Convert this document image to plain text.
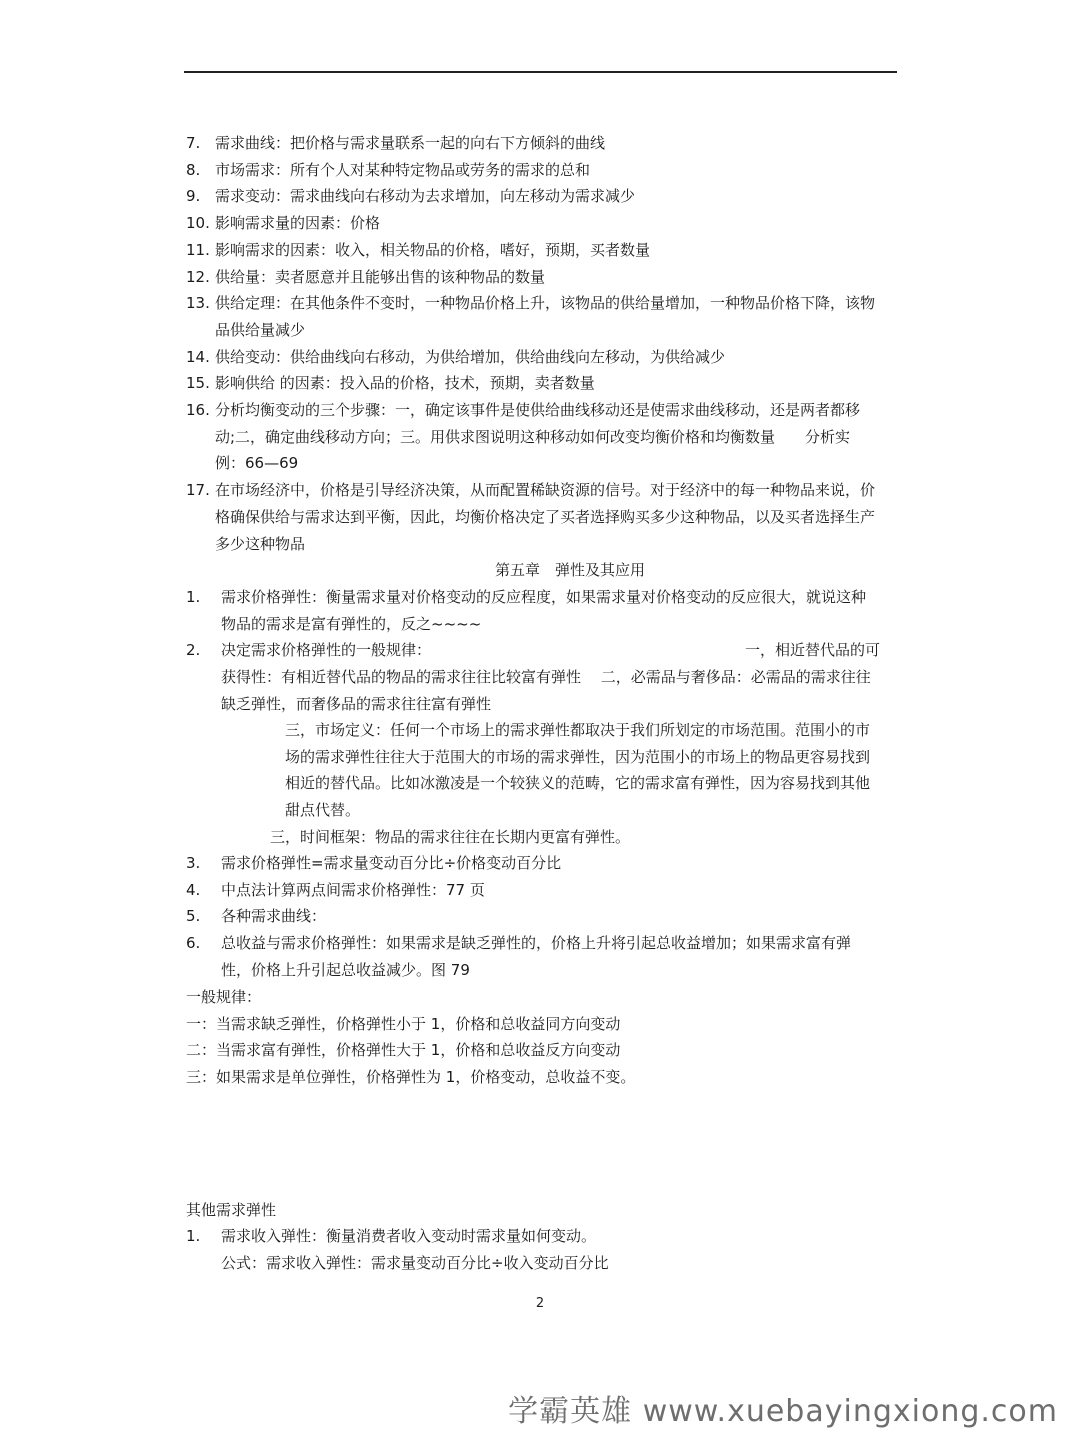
7. 需求曲线：把价格与需求量联系一起的向右下方倾斜的曲线
8. 市场需求：所有个人对某种特定物品或劳务的需求的总和
9. 需求变动：需求曲线向右移动为去求增加，向左移动为需求减少
10. 影响需求量的因素：价格
11. 影响需求的因素：收入，相关物品的价格，嗜好，预期，买者数量
12. 供给量：卖者愿意并且能够出售的该种物品的数量
13. 供给定理：在其他条件不变时，一种物品价格上升，该物品的供给量增加，一种物品价格下降，该物
品供给量减少
14. 供给变动：供给曲线向右移动，为供给增加，供给曲线向左移动，为供给减少
15. 影响供给 的因素：投入品的价格，技术，预期，卖者数量
16. 分析均衡变动的三个步骤：一，确定该事件是使供给曲线移动还是使需求曲线移动，还是两者都移
动;二，确定曲线移动方向；三。用供求图说明这种移动如何改变均衡价格和均衡数量　　分析实
例：66—69
17. 在市场经济中，价格是引导经济决策，从而配置稀缺资源的信号。对于经济中的每一种物品来说，价
格确保供给与需求达到平衡，因此，均衡价格决定了买者选择购买多少这种物品，以及买者选择生产
多少这种物品
第五章　弹性及其应用
1. 需求价格弹性：衡量需求量对价格变动的反应程度，如果需求量对价格变动的反应很大，就说这种
物品的需求是富有弹性的，反之~~~~
2. 决定需求价格弹性的一般规律：	一，相近替代品的可
获得性：有相近替代品的物品的需求往往比较富有弹性　 二，必需品与奢侈品：必需品的需求往往
缺乏弹性，而奢侈品的需求往往富有弹性
三，市场定义：任何一个市场上的需求弹性都取决于我们所划定的市场范围。范围小的市
场的需求弹性往往大于范围大的市场的需求弹性，因为范围小的市场上的物品更容易找到
相近的替代品。比如冰激凌是一个较狭义的范畴，它的需求富有弹性，因为容易找到其他
甜点代替。
三，时间框架：物品的需求往往在长期内更富有弹性。
3. 需求价格弹性=需求量变动百分比÷价格变动百分比
4. 中点法计算两点间需求价格弹性：77 页
5. 各种需求曲线：
6. 总收益与需求价格弹性：如果需求是缺乏弹性的，价格上升将引起总收益增加；如果需求富有弹
性，价格上升引起总收益减少。图 79
一般规律：
一：当需求缺乏弹性，价格弹性小于 1，价格和总收益同方向变动
二：当需求富有弹性，价格弹性大于 1，价格和总收益反方向变动
三：如果需求是单位弹性，价格弹性为 1，价格变动，总收益不变。
其他需求弹性
1. 需求收入弹性：衡量消费者收入变动时需求量如何变动。
公式：需求收入弹性：需求量变动百分比÷收入变动百分比
2
学霸英雄 www.xuebayingxiong.com
